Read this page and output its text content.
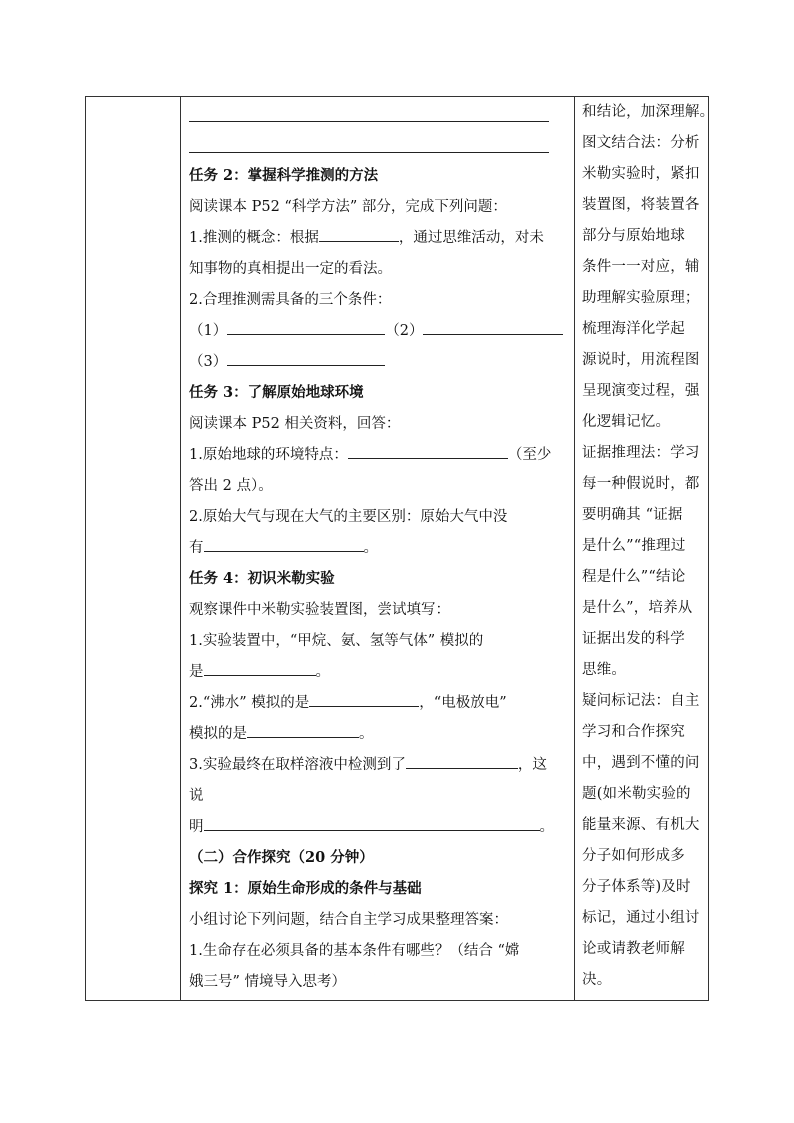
任务 2：掌握科学推测的方法
阅读课本 P52 “科学方法” 部分，完成下列问题：
1.推测的概念：根据	，通过思维活动，对未
知事物的真相提出一定的看法。
2.合理推测需具备的三个条件：
（1）	（2）
（3）
任务 3：了解原始地球环境
阅读课本 P52 相关资料，回答：
1.原始地球的环境特点：	（至少
答出 2 点）。
2.原始大气与现在大气的主要区别：原始大气中没
有	。
任务 4：初识米勒实验
观察课件中米勒实验装置图，尝试填写：
1.实验装置中，“甲烷、氨、氢等气体” 模拟的
是	。
2.“沸水” 模拟的是	，“电极放电”
模拟的是	。
3.实验最终在取样溶液中检测到了	，这
说
明	。
（二）合作探究（20 分钟）
探究 1：原始生命形成的条件与基础
小组讨论下列问题，结合自主学习成果整理答案：
1.生命存在必须具备的基本条件有哪些？（结合 “嫦
娥三号” 情境导入思考）
和结论，加深理解。
图文结合法：分析
米勒实验时，紧扣
装置图，将装置各
部分与原始地球
条件一一对应，辅
助理解实验原理；
梳理海洋化学起
源说时，用流程图
呈现演变过程，强
化逻辑记忆。
证据推理法：学习
每一种假说时，都
要明确其 “证据
是什么”“推理过
程是什么”“结论
是什么”，培养从
证据出发的科学
思维。
疑问标记法：自主
学习和合作探究
中，遇到不懂的问
题(如米勒实验的
能量来源、有机大
分子如何形成多
分子体系等)及时
标记，通过小组讨
论或请教老师解
决。
